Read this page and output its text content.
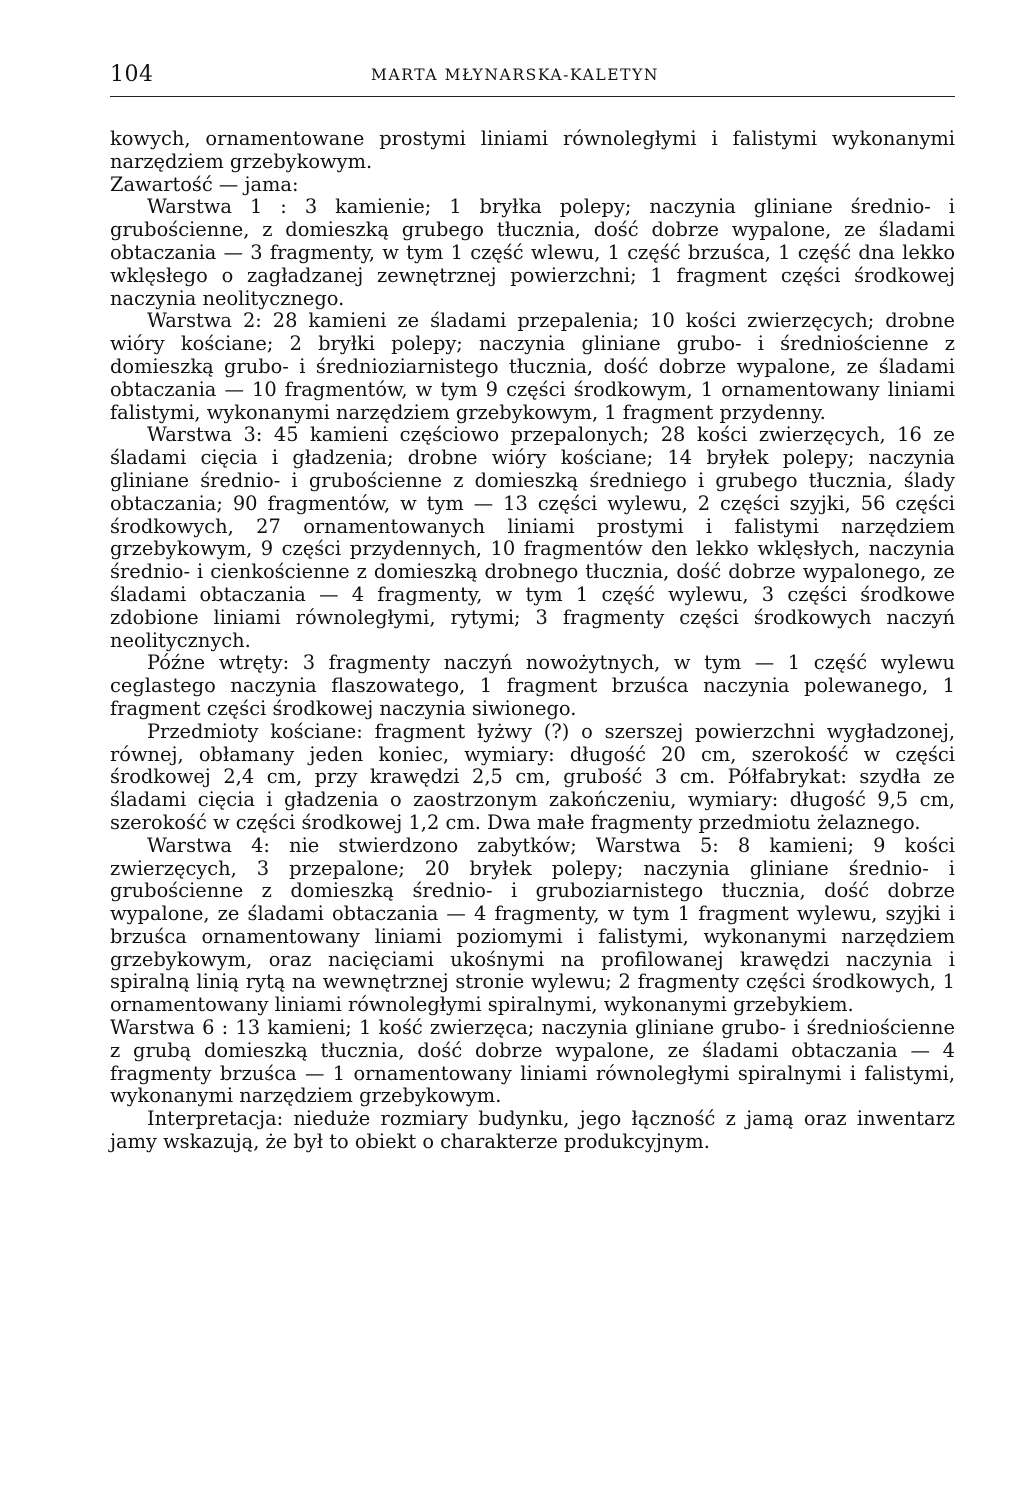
104	MARTA MŁYNARSKA-KALETYN

kowych, ornamentowane prostymi liniami równoległymi i falistymi wykonanymi narzędziem grzebykowym.

Zawartość — jama:

Warstwa 1 : 3 kamienie; 1 bryłka polepy; naczynia gliniane średnio- i grubościenne, z domieszką grubego tłucznia, dość dobrze wypalone, ze śladami obtaczania — 3 fragmenty, w tym 1 część wlewu, 1 część brzuśca, 1 część dna lekko wklęsłego o zagładzanej zewnętrznej powierzchni; 1 fragment części środkowej naczynia neolitycznego.

Warstwa 2: 28 kamieni ze śladami przepalenia; 10 kości zwierzęcych; drobne wióry kościane; 2 bryłki polepy; naczynia gliniane grubo- i średniościenne z domieszką grubo- i średnioziarnistego tłucznia, dość dobrze wypalone, ze śladami obtaczania — 10 fragmentów, w tym 9 części środkowym, 1 ornamentowany liniami falistymi, wykonanymi narzędziem grzebykowym, 1 fragment przydenny.

Warstwa 3: 45 kamieni częściowo przepalonych; 28 kości zwierzęcych, 16 ze śladami cięcia i gładzenia; drobne wióry kościane; 14 bryłek polepy; naczynia gliniane średnio- i grubościenne z domieszką średniego i grubego tłucznia, ślady obtaczania; 90 fragmentów, w tym — 13 części wylewu, 2 części szyjki, 56 części środkowych, 27 ornamentowanych liniami prostymi i falistymi narzędziem grzebykowym, 9 części przydennych, 10 fragmentów den lekko wklęsłych, naczynia średnio- i cienkościenne z domieszką drobnego tłucznia, dość dobrze wypalonego, ze śladami obtaczania — 4 fragmenty, w tym 1 część wylewu, 3 części środkowe zdobione liniami równoległymi, rytymi; 3 fragmenty części środkowych naczyń neolitycznych.

Późne wtręty: 3 fragmenty naczyń nowożytnych, w tym — 1 część wylewu ceglastego naczynia flaszowatego, 1 fragment brzuśca naczynia polewanego, 1 fragment części środkowej naczynia siwionego.

Przedmioty kościane: fragment łyżwy (?) o szerszej powierzchni wygładzonej, równej, obłamany jeden koniec, wymiary: długość 20 cm, szerokość w części środkowej 2,4 cm, przy krawędzi 2,5 cm, grubość 3 cm. Półfabrykat: szydła ze śladami cięcia i gładzenia o zaostrzonym zakończeniu, wymiary: długość 9,5 cm, szerokość w części środkowej 1,2 cm. Dwa małe fragmenty przedmiotu żelaznego.

Warstwa 4: nie stwierdzono zabytków; Warstwa 5: 8 kamieni; 9 kości zwierzęcych, 3 przepalone; 20 bryłek polepy; naczynia gliniane średnio- i grubościenne z domieszką średnio- i gruboziarnistego tłucznia, dość dobrze wypalone, ze śladami obtaczania — 4 fragmenty, w tym 1 fragment wylewu, szyjki i brzuśca ornamentowany liniami poziomymi i falistymi, wykonanymi narzędziem grzebykowym, oraz nacięciami ukośnymi na profilowanej krawędzi naczynia i spiralną linią rytą na wewnętrznej stronie wylewu; 2 fragmenty części środkowych, 1 ornamentowany liniami równoległymi spiralnymi, wykonanymi grzebykiem.

Warstwa 6 : 13 kamieni; 1 kość zwierzęca; naczynia gliniane grubo- i średniościenne z grubą domieszką tłucznia, dość dobrze wypalone, ze śladami obtaczania — 4 fragmenty brzuśca — 1 ornamentowany liniami równoległymi spiralnymi i falistymi, wykonanymi narzędziem grzebykowym.

Interpretacja: nieduże rozmiary budynku, jego łączność z jamą oraz inwentarz jamy wskazują, że był to obiekt o charakterze produkcyjnym.
